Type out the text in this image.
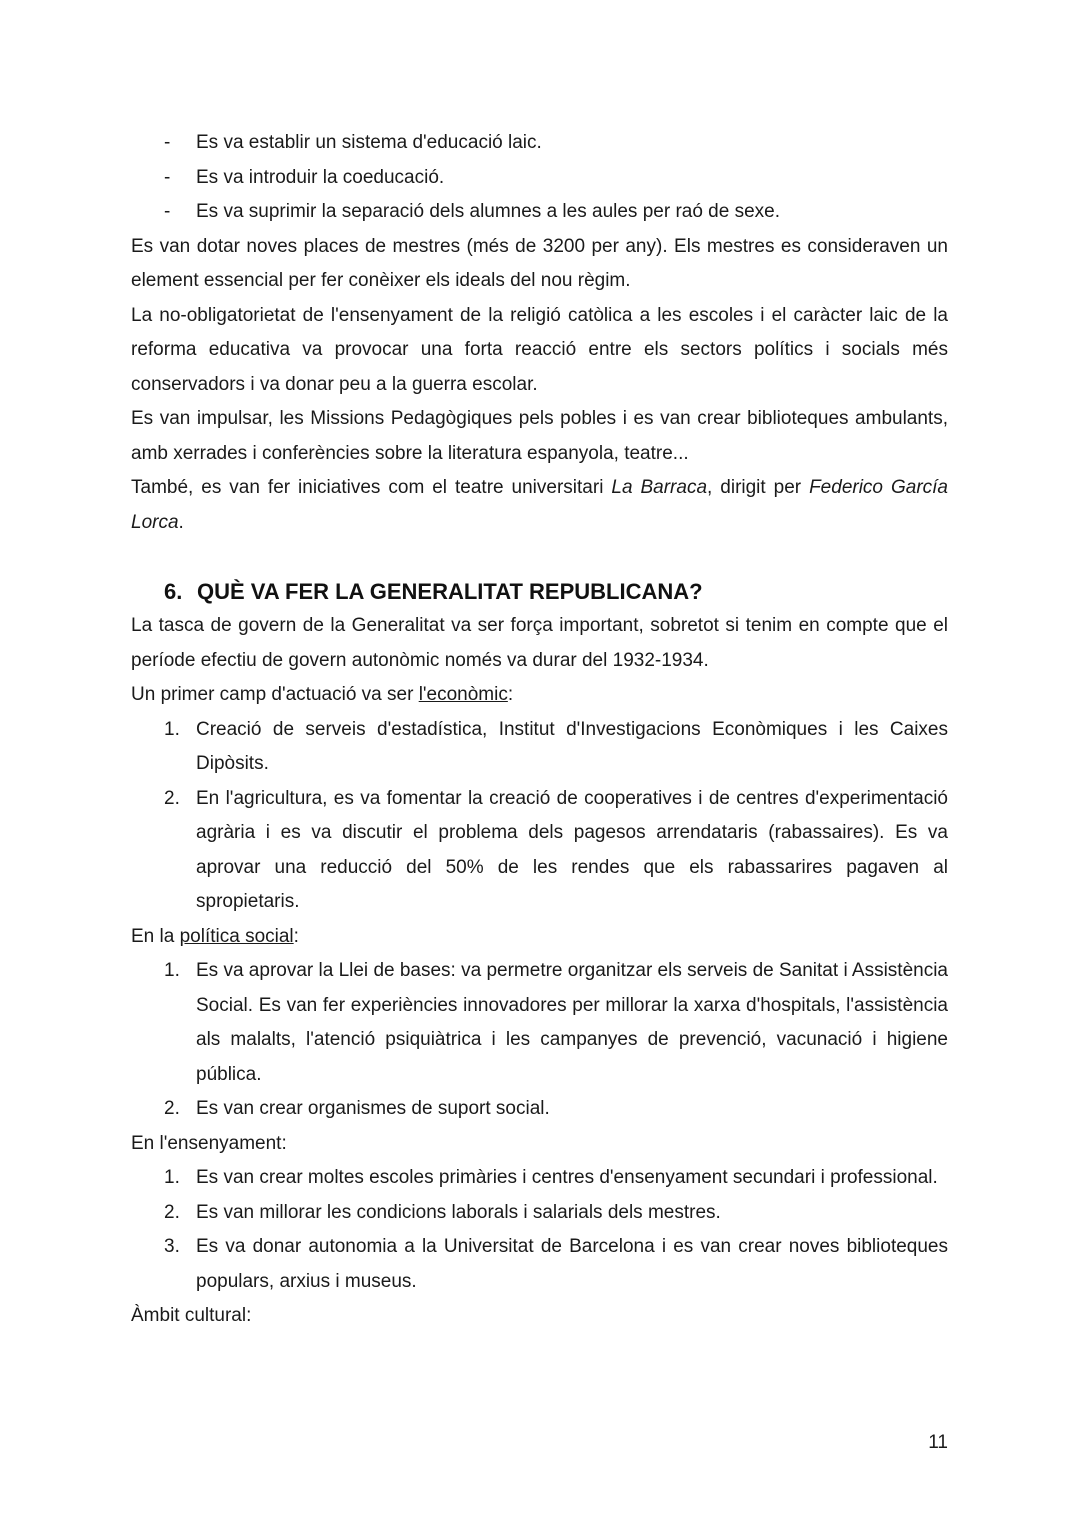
- Es va establir un sistema d'educació laic.
- Es va introduir la coeducació.
- Es va suprimir la separació dels alumnes a les aules per raó de sexe.

Es van dotar noves places de mestres (més de 3200 per any). Els mestres es consideraven un element essencial per fer conèixer els ideals del nou règim.

La no-obligatorietat de l'ensenyament de la religió catòlica a les escoles i el caràcter laic de la reforma educativa va provocar una forta reacció entre els sectors polítics i socials més conservadors i va donar peu a la guerra escolar.

Es van impulsar, les Missions Pedagògiques pels pobles i es van crear biblioteques ambulants, amb xerrades i conferències sobre la literatura espanyola, teatre...

També, es van fer iniciatives com el teatre universitari La Barraca, dirigit per Federico García Lorca.

6. QUÈ VA FER LA GENERALITAT REPUBLICANA?

La tasca de govern de la Generalitat va ser força important, sobretot si tenim en compte que el període efectiu de govern autonòmic només va durar del 1932-1934.

Un primer camp d'actuació va ser l'econòmic:

1. Creació de serveis d'estadística, Institut d'Investigacions Econòmiques i les Caixes Dipòsits.
2. En l'agricultura, es va fomentar la creació de cooperatives i de centres d'experimentació agrària i es va discutir el problema dels pagesos arrendataris (rabassaires). Es va aprovar una reducció del 50% de les rendes que els rabassarires pagaven al spropietaris.

En la política social:

1. Es va aprovar la Llei de bases: va permetre organitzar els serveis de Sanitat i Assistència Social. Es van fer experiències innovadores per millorar la xarxa d'hospitals, l'assistència als malalts, l'atenció psiquiàtrica i les campanyes de prevenció, vacunació i higiene pública.
2. Es van crear organismes de suport social.

En l'ensenyament:

1. Es van crear moltes escoles primàries i centres d'ensenyament secundari i professional.
2. Es van millorar les condicions laborals i salarials dels mestres.
3. Es va donar autonomia a la Universitat de Barcelona i es van crear noves biblioteques populars, arxius i museus.

Àmbit cultural:

11
